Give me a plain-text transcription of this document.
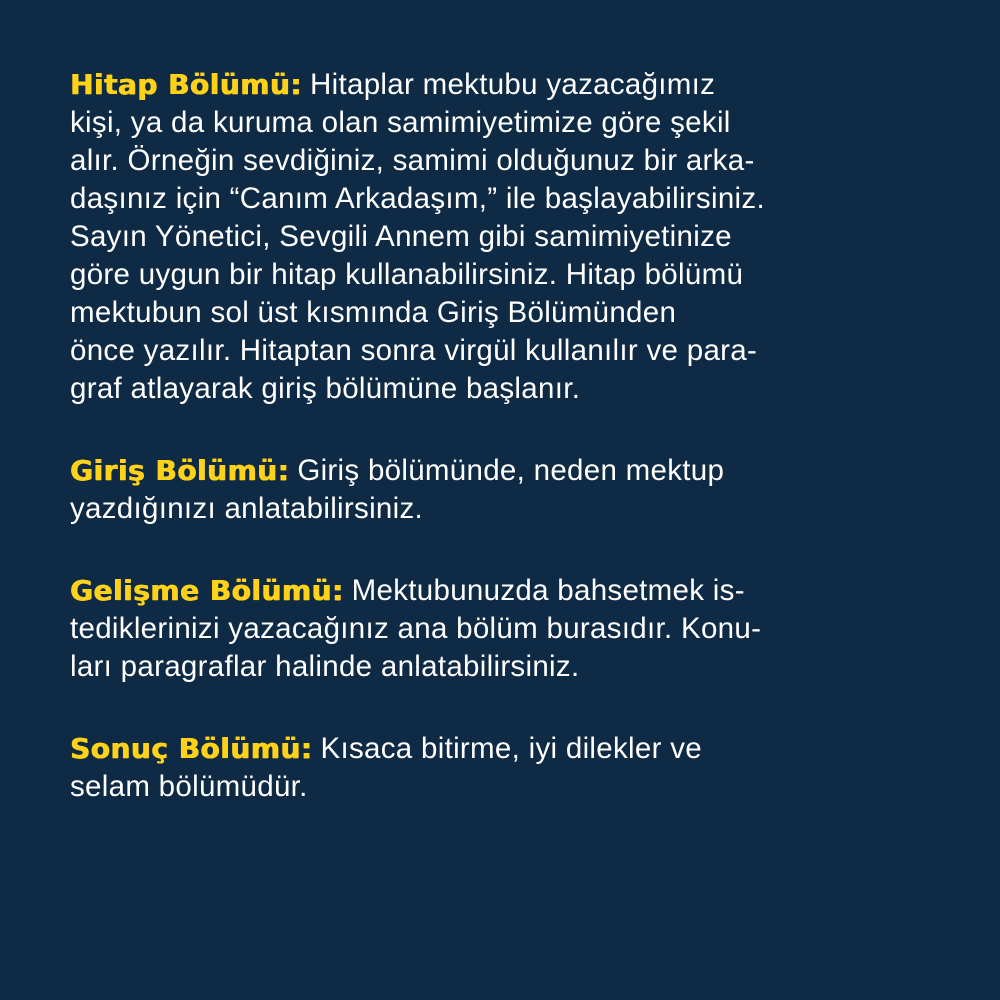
Hitap Bölümü: Hitaplar mektubu yazacağımız
kişi, ya da kuruma olan samimiyetimize göre şekil
alır. Örneğin sevdiğiniz, samimi olduğunuz bir arka-
daşınız için “Canım Arkadaşım,” ile başlayabilirsiniz.
Sayın Yönetici, Sevgili Annem gibi samimiyetinize
göre uygun bir hitap kullanabilirsiniz. Hitap bölümü
mektubun sol üst kısmında Giriş Bölümünden
önce yazılır. Hitaptan sonra virgül kullanılır ve para-
graf atlayarak giriş bölümüne başlanır.
Giriş Bölümü: Giriş bölümünde, neden mektup
yazdığınızı anlatabilirsiniz.
Gelişme Bölümü: Mektubunuzda bahsetmek is-
tediklerinizi yazacağınız ana bölüm burasıdır. Konu-
ları paragraflar halinde anlatabilirsiniz.
Sonuç Bölümü: Kısaca bitirme, iyi dilekler ve
selam bölümüdür.
